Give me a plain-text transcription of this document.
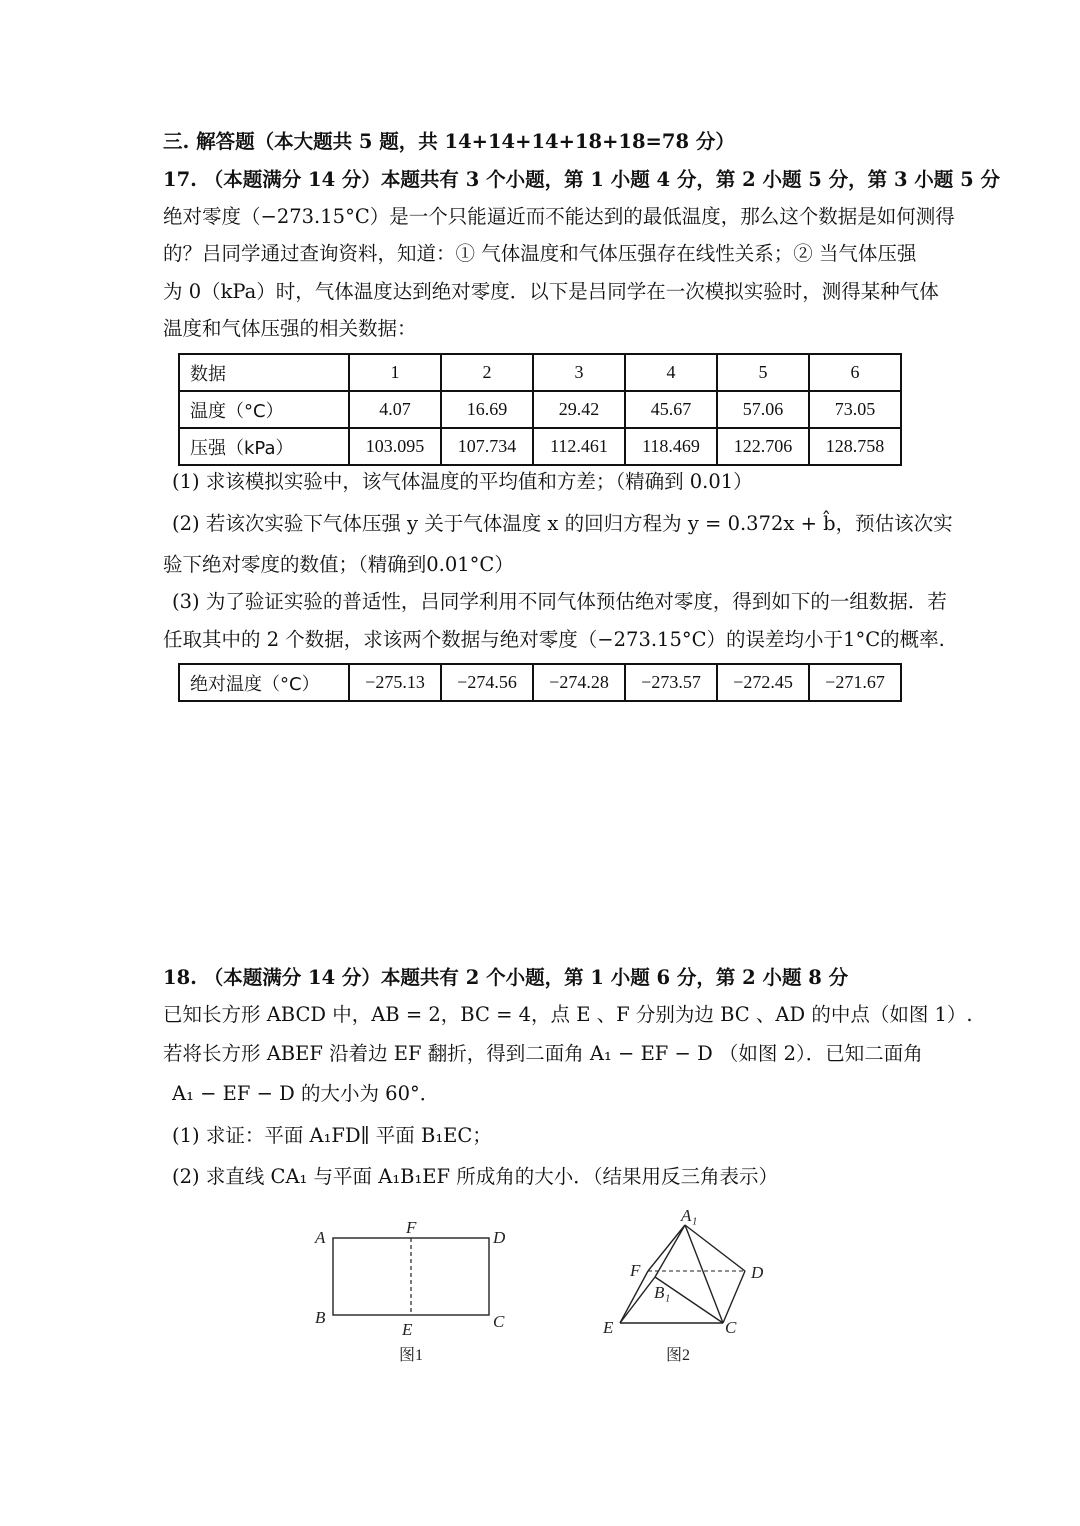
三. 解答题（本大题共 5 题，共 14+14+14+18+18=78 分）
17. （本题满分 14 分）本题共有 3 个小题，第 1 小题 4 分，第 2 小题 5 分，第 3 小题 5 分
绝对零度（−273.15°C）是一个只能逼近而不能达到的最低温度，那么这个数据是如何测得
的？吕同学通过查询资料，知道：① 气体温度和气体压强存在线性关系；② 当气体压强
为 0（kPa）时，气体温度达到绝对零度．以下是吕同学在一次模拟实验时，测得某种气体
温度和气体压强的相关数据：
数据	1	2	3	4	5	6
温度（°C）	4.07	16.69	29.42	45.67	57.06	73.05
压强（kPa）	103.095	107.734	112.461	118.469	122.706	128.758
(1) 求该模拟实验中，该气体温度的平均值和方差；（精确到 0.01）
(2) 若该次实验下气体压强 y 关于气体温度 x 的回归方程为 y = 0.372x + b̂，预估该次实
验下绝对零度的数值；（精确到0.01°C）
(3) 为了验证实验的普适性，吕同学利用不同气体预估绝对零度，得到如下的一组数据．若
任取其中的 2 个数据，求该两个数据与绝对零度（−273.15°C）的误差均小于1°C的概率.
绝对温度（°C）	−275.13	−274.56	−274.28	−273.57	−272.45	−271.67
18. （本题满分 14 分）本题共有 2 个小题，第 1 小题 6 分，第 2 小题 8 分
已知长方形 ABCD 中，AB = 2，BC = 4，点 E 、F 分别为边 BC 、AD 的中点（如图 1）.
若将长方形 ABEF 沿着边 EF 翻折，得到二面角 A₁ − EF − D （如图 2）．已知二面角
A₁ − EF − D 的大小为 60°．
(1) 求证：平面 A₁FD∥ 平面 B₁EC；
(2) 求直线 CA₁ 与平面 A₁B₁EF 所成角的大小．（结果用反三角表示）
A
F
D
B
E	C
图1
A₁
F	D
B₁
E	C
图2
